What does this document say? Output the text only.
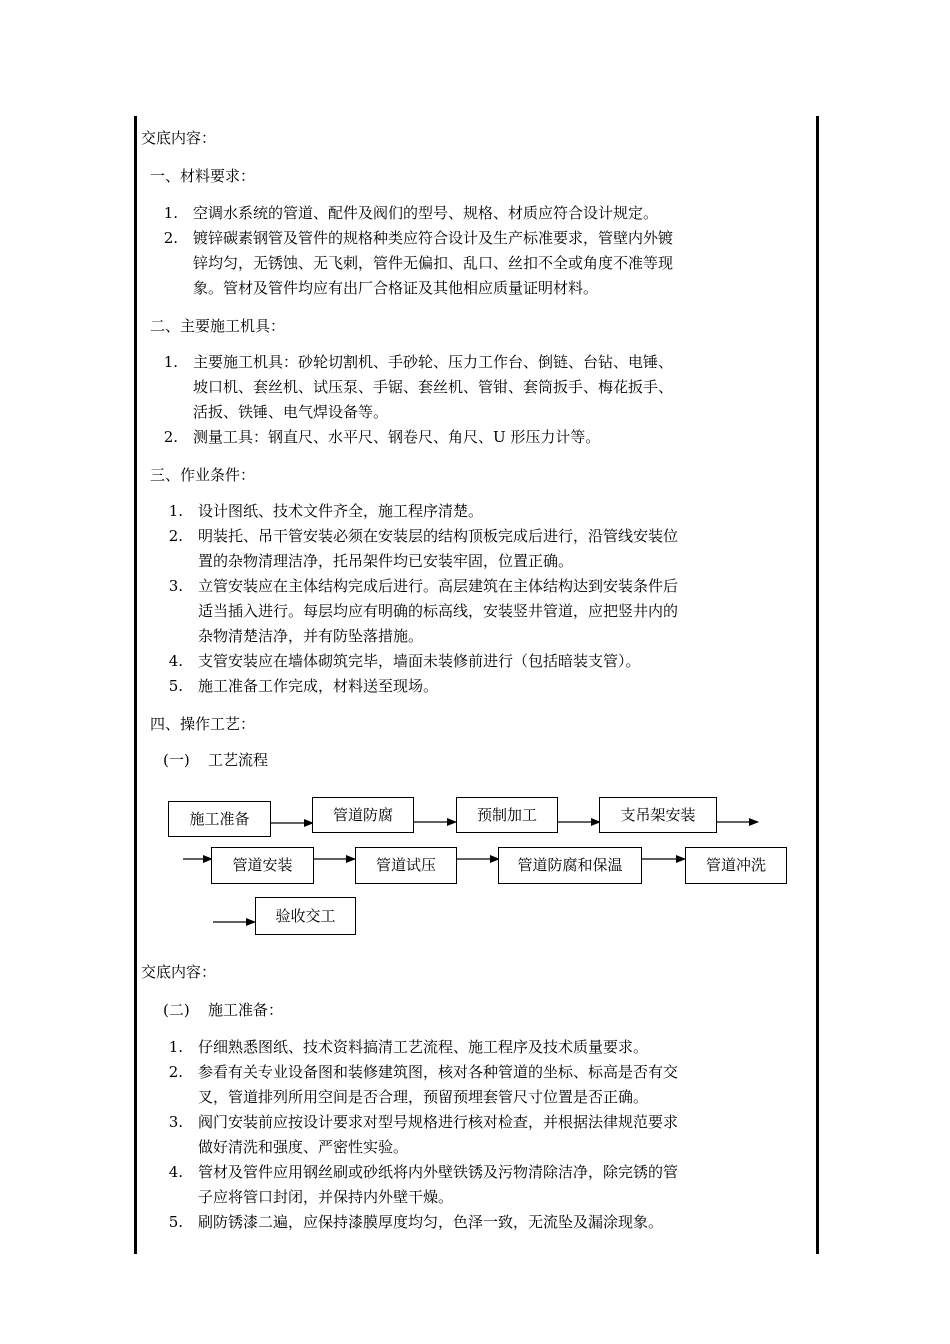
交底内容：
一、材料要求：
1. 空调水系统的管道、配件及阀们的型号、规格、材质应符合设计规定。
2. 镀锌碳素钢管及管件的规格种类应符合设计及生产标准要求，管壁内外镀
锌均匀，无锈蚀、无飞刺，管件无偏扣、乱口、丝扣不全或角度不准等现
象。管材及管件均应有出厂合格证及其他相应质量证明材料。
二、主要施工机具：
1. 主要施工机具：砂轮切割机、手砂轮、压力工作台、倒链、台钻、电锤、
坡口机、套丝机、试压泵、手锯、套丝机、管钳、套筒扳手、梅花扳手、
活扳、铁锤、电气焊设备等。
2. 测量工具：钢直尺、水平尺、钢卷尺、角尺、U 形压力计等。
三、作业条件：
1. 设计图纸、技术文件齐全，施工程序清楚。
2. 明装托、吊干管安装必须在安装层的结构顶板完成后进行，沿管线安装位
置的杂物清理洁净，托吊架件均已安装牢固，位置正确。
3. 立管安装应在主体结构完成后进行。高层建筑在主体结构达到安装条件后
适当插入进行。每层均应有明确的标高线，安装竖井管道，应把竖井内的
杂物清楚洁净，并有防坠落措施。
4. 支管安装应在墙体砌筑完毕，墙面未装修前进行（包括暗装支管）。
5. 施工准备工作完成，材料送至现场。
四、操作工艺：
(一) 工艺流程
施工准备	管道防腐	预制加工	支吊架安装
管道安装	管道试压	管道防腐和保温	管道冲洗
验收交工
交底内容：
(二) 施工准备：
1. 仔细熟悉图纸、技术资料搞清工艺流程、施工程序及技术质量要求。
2. 参看有关专业设备图和装修建筑图，核对各种管道的坐标、标高是否有交
叉，管道排列所用空间是否合理，预留预埋套管尺寸位置是否正确。
3. 阀门安装前应按设计要求对型号规格进行核对检查，并根据法律规范要求
做好清洗和强度、严密性实验。
4. 管材及管件应用钢丝刷或砂纸将内外壁铁锈及污物清除洁净，除完锈的管
子应将管口封闭，并保持内外壁干燥。
5. 刷防锈漆二遍，应保持漆膜厚度均匀，色泽一致，无流坠及漏涂现象。
